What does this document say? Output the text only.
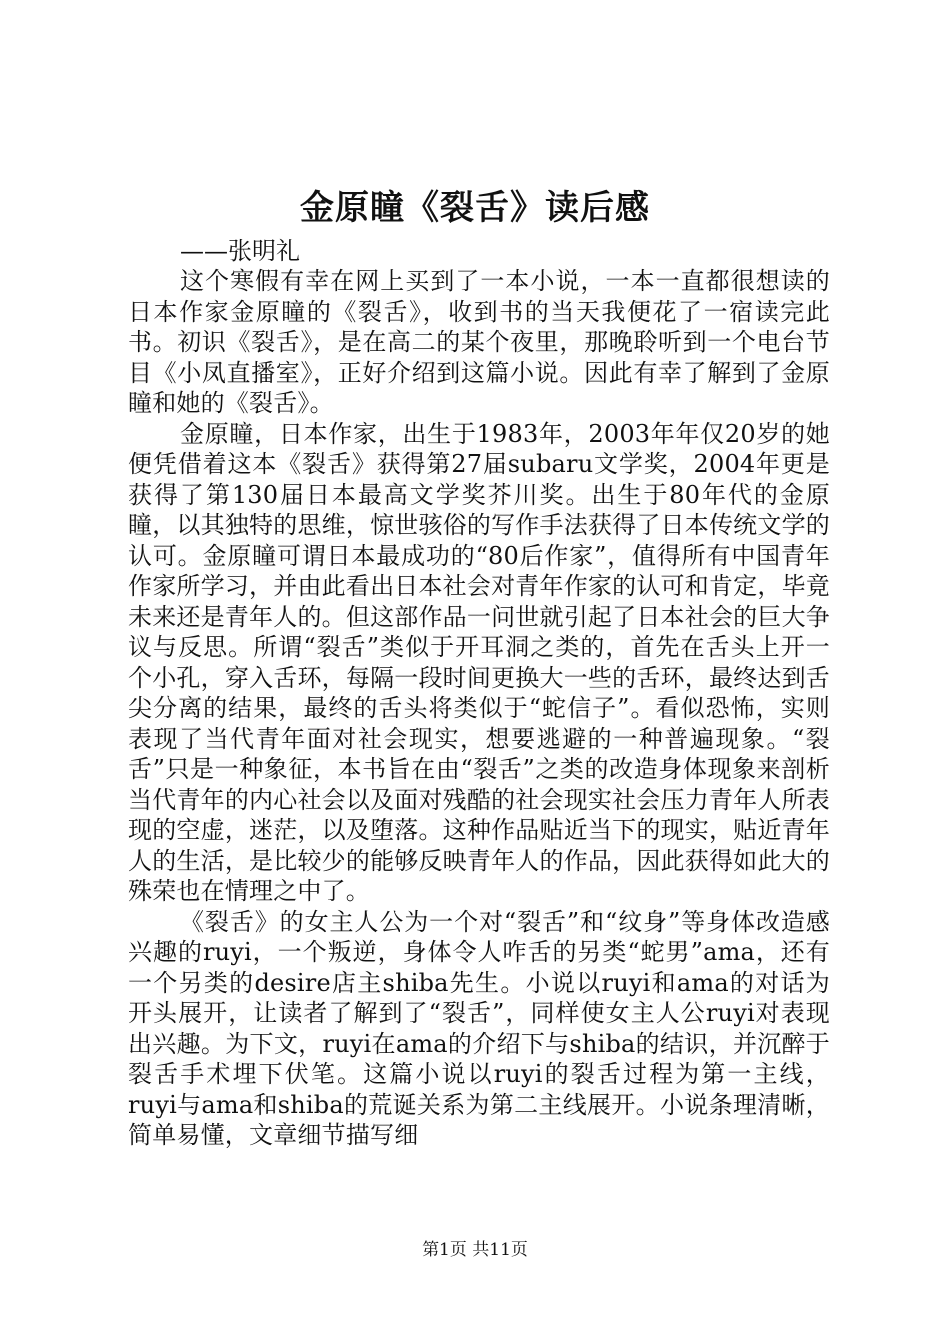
金原瞳《裂舌》读后感
——张明礼

这个寒假有幸在网上买到了一本小说，一本一直都很想读的日本作家金原瞳的《裂舌》，收到书的当天我便花了一宿读完此书。初识《裂舌》，是在高二的某个夜里，那晚聆听到一个电台节目《小凤直播室》，正好介绍到这篇小说。因此有幸了解到了金原瞳和她的《裂舌》。

金原瞳，日本作家，出生于1983年，2003年年仅20岁的她便凭借着这本《裂舌》获得第27届subaru文学奖，2004年更是获得了第130届日本最高文学奖芥川奖。出生于80年代的金原瞳，以其独特的思维，惊世骇俗的写作手法获得了日本传统文学的认可。金原瞳可谓日本最成功的“80后作家”，值得所有中国青年作家所学习，并由此看出日本社会对青年作家的认可和肯定，毕竟未来还是青年人的。但这部作品一问世就引起了日本社会的巨大争议与反思。所谓“裂舌”类似于开耳洞之类的，首先在舌头上开一个小孔，穿入舌环，每隔一段时间更换大一些的舌环，最终达到舌尖分离的结果，最终的舌头将类似于“蛇信子”。看似恐怖，实则表现了当代青年面对社会现实，想要逃避的一种普遍现象。“裂舌”只是一种象征，本书旨在由“裂舌”之类的改造身体现象来剖析当代青年的内心社会以及面对残酷的社会现实社会压力青年人所表现的空虚，迷茫，以及堕落。这种作品贴近当下的现实，贴近青年人的生活，是比较少的能够反映青年人的作品，因此获得如此大的殊荣也在情理之中了。

《裂舌》的女主人公为一个对“裂舌”和“纹身”等身体改造感兴趣的ruyi，一个叛逆，身体令人咋舌的另类“蛇男”ama，还有一个另类的desire店主shiba先生。小说以ruyi和ama的对话为开头展开，让读者了解到了“裂舌”，同样使女主人公ruyi对表现出兴趣。为下文，ruyi在ama的介绍下与shiba的结识，并沉醉于裂舌手术埋下伏笔。这篇小说以ruyi的裂舌过程为第一主线，ruyi与ama和shiba的荒诞关系为第二主线展开。小说条理清晰，简单易懂，文章细节描写细

第1页 共11页
